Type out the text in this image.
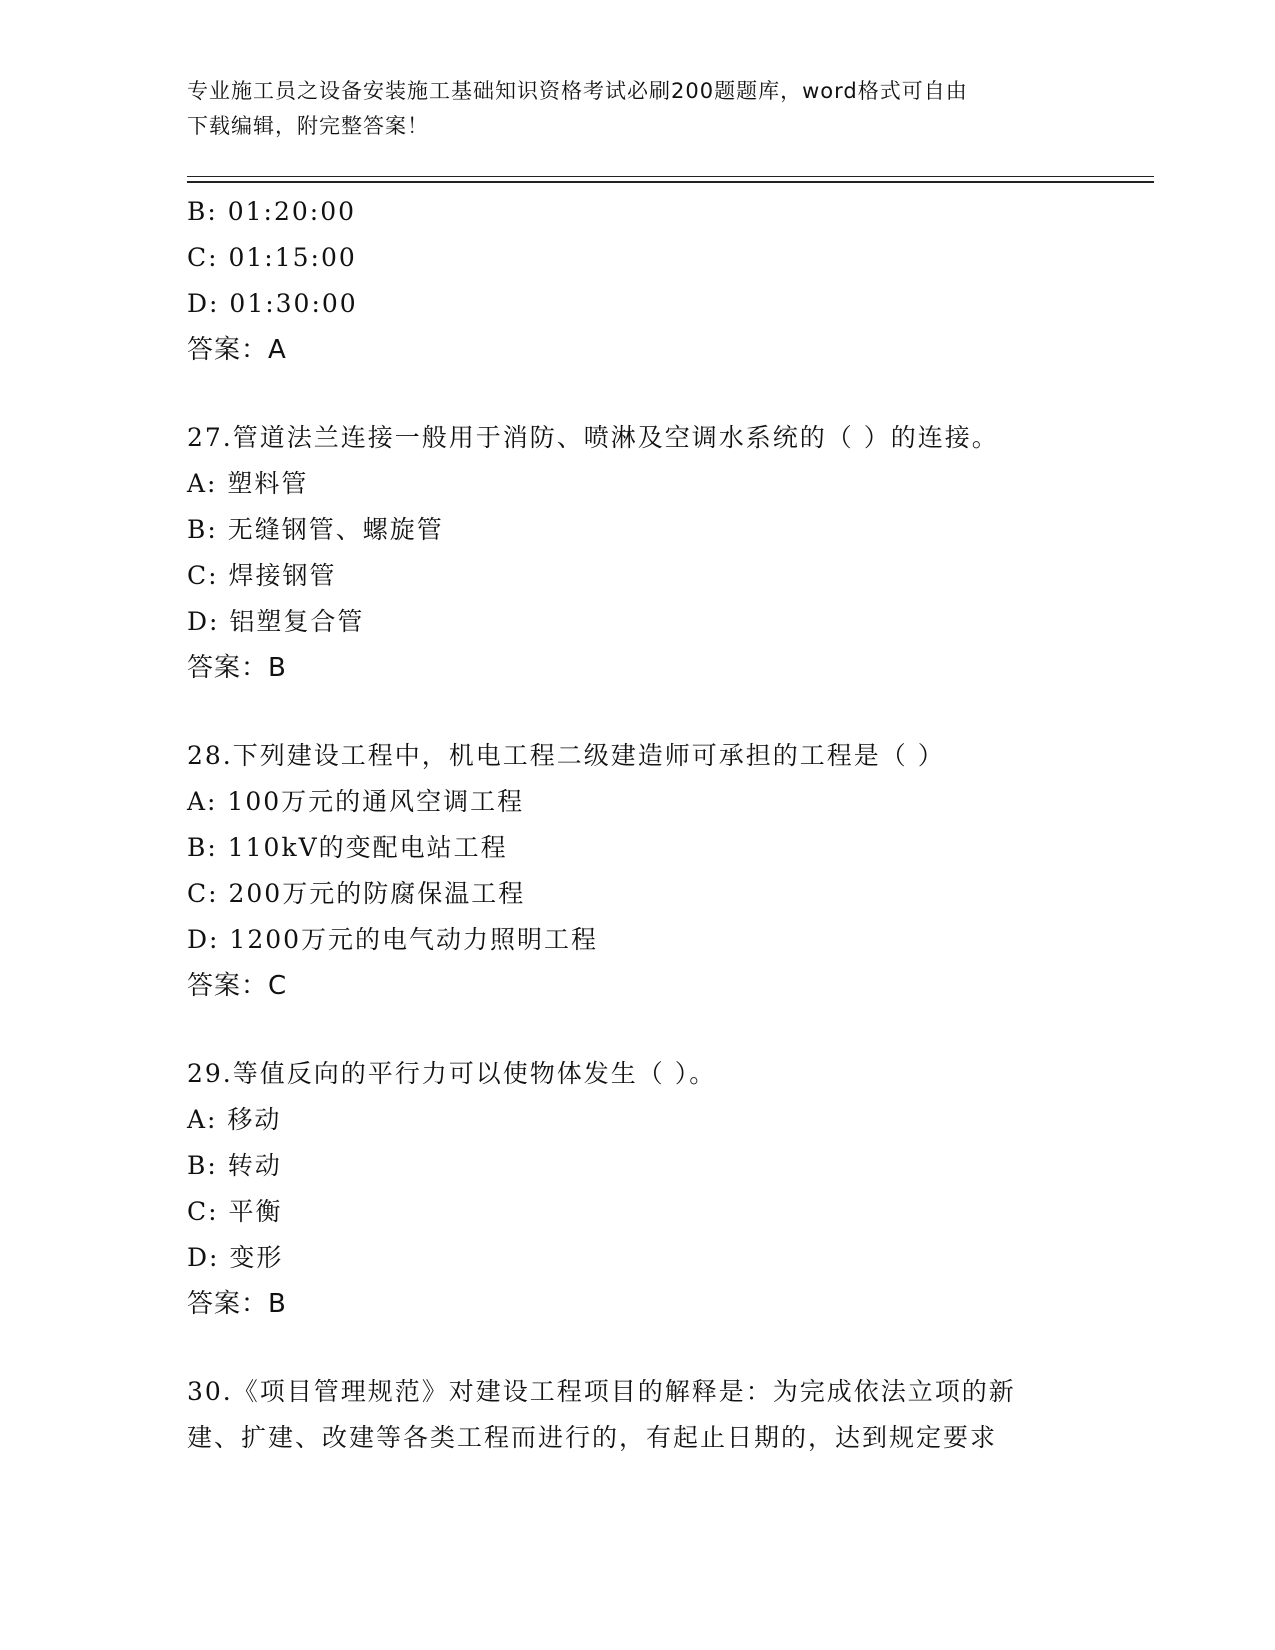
专业施工员之设备安装施工基础知识资格考试必刷200题题库，word格式可自由
下载编辑，附完整答案！
B: 01:20:00
C: 01:15:00
D: 01:30:00
答案：A
27.管道法兰连接一般用于消防、喷淋及空调水系统的（ ）的连接。
A: 塑料管
B: 无缝钢管、螺旋管
C: 焊接钢管
D: 铝塑复合管
答案：B
28.下列建设工程中，机电工程二级建造师可承担的工程是（ ）
A: 100万元的通风空调工程
B: 110kV的变配电站工程
C: 200万元的防腐保温工程
D: 1200万元的电气动力照明工程
答案：C
29.等值反向的平行力可以使物体发生（ ）。
A: 移动
B: 转动
C: 平衡
D: 变形
答案：B
30.《项目管理规范》对建设工程项目的解释是：为完成依法立项的新
建、扩建、改建等各类工程而进行的，有起止日期的，达到规定要求
